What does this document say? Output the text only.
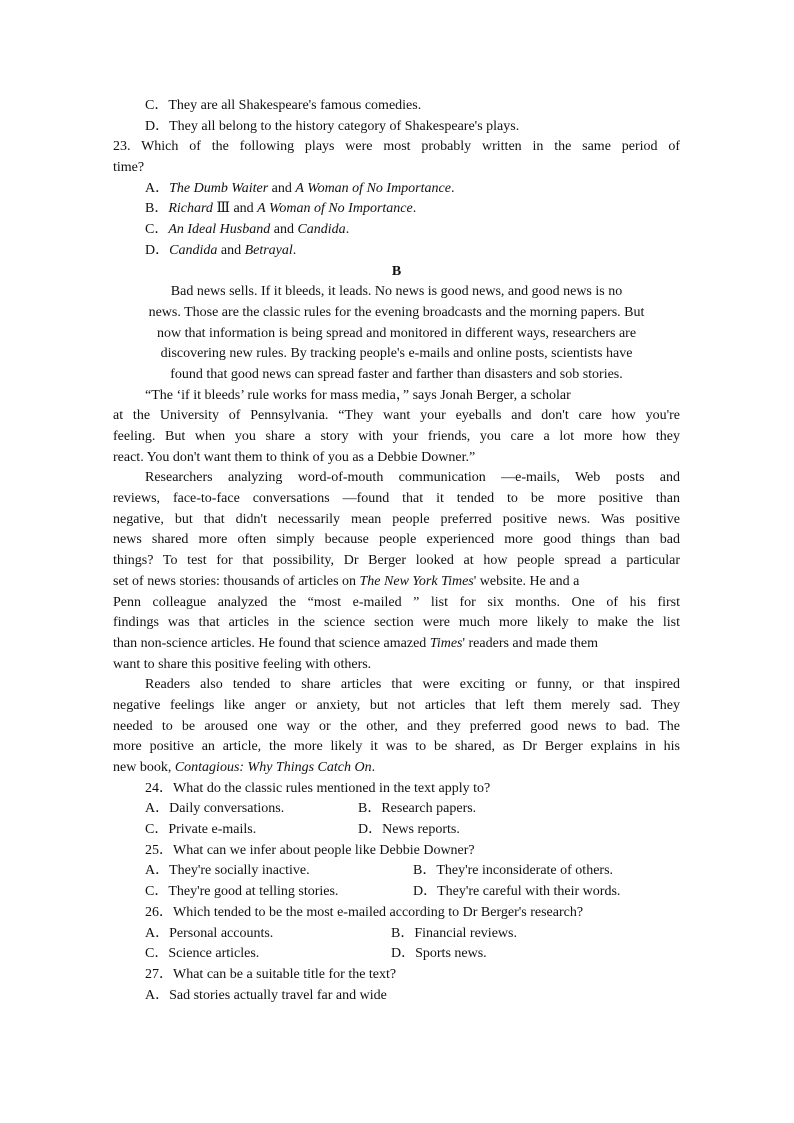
C．They are all Shakespeare's famous comedies.
D．They all belong to the history category of Shakespeare's plays.
23. Which of the following plays were most probably written in the same period of
time?
A．The Dumb Waiter and A Woman of No Importance.
B．Richard Ⅲ and A Woman of No Importance.
C．An Ideal Husband and Candida.
D．Candida and Betrayal.
B
Bad news sells. If it bleeds, it leads. No news is good news, and good news is no
news. Those are the classic rules for the evening broadcasts and the morning papers. But
now that information is being spread and monitored in different ways, researchers are
discovering new rules. By tracking people's e-mails and online posts, scientists have
found that good news can spread faster and farther than disasters and sob stories.
“The ‘if it bleeds’ rule works for mass media，” says Jonah Berger, a scholar
at the University of Pennsylvania. “They want your eyeballs and don't care how you're
feeling. But when you share a story with your friends, you care a lot more how they
react. You don't want them to think of you as a Debbie Downer.”
Researchers analyzing word-of-mouth communication —e-mails, Web posts and
reviews, face-to-face conversations —found that it tended to be more positive than
negative, but that didn't necessarily mean people preferred positive news. Was positive
news shared more often simply because people experienced more good things than bad
things? To test for that possibility, Dr Berger looked at how people spread a particular
set of news stories: thousands of articles on The New York Times' website. He and a
Penn colleague analyzed the “most e-mailed ” list for six months. One of his first
findings was that articles in the science section were much more likely to make the list
than non-science articles. He found that science amazed Times' readers and made them
want to share this positive feeling with others.
Readers also tended to share articles that were exciting or funny, or that inspired
negative feelings like anger or anxiety, but not articles that left them merely sad. They
needed to be aroused one way or the other, and they preferred good news to bad. The
more positive an article, the more likely it was to be shared, as Dr Berger explains in his
new book, Contagious: Why Things Catch On.
24．What do the classic rules mentioned in the text apply to?
A．Daily conversations.	B．Research papers.
C．Private e-mails.	D．News reports.
25．What can we infer about people like Debbie Downer?
A．They're socially inactive.	B．They're inconsiderate of others.
C．They're good at telling stories.	D．They're careful with their words.
26．Which tended to be the most e-mailed according to Dr Berger's research?
A．Personal accounts.	B．Financial reviews.
C．Science articles.	D．Sports news.
27．What can be a suitable title for the text?
A．Sad stories actually travel far and wide
